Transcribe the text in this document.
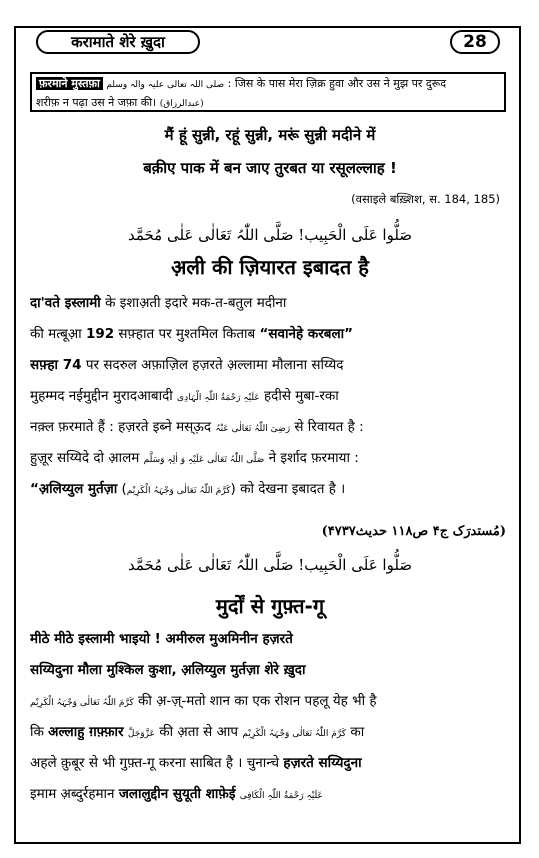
करामाते शेरे ख़ुदा	28
फ़रमाने मुस्तफ़ा صلی اللہ تعالی علیہ والہ وسلم : जिस के पास मेरा ज़िक्र हुवा और उस ने मुझ पर दुरूद
शरीफ़ न पढ़ा उस ने जफ़ा की। (عبدالرزاق)
मैं हूं सुन्नी, रहूं सुन्नी, मरूं सुन्नी मदीने में
बक़ीए पाक में बन जाए तुरबत या रसूलल्लाह !
(वसाइले बख़्शिश, स. 184, 185)
صَلُّوا عَلَی الْحَبِیب! صَلَّی اللّٰہُ تَعَالٰی عَلٰی مُحَمَّد
अ़ली की ज़ियारत इबादत है
दा'वते इस्लामी के इशाअ़ती इदारे मक-त-बतुल मदीना
की मत्बूआ़ 192 सफ़्हात पर मुश्तमिल किताब “सवानेहे करबला”
सफ़्हा 74 पर सदरुल अफ़ाज़िल हज़रते अ़ल्लामा मौलाना सय्यिद
मुहम्मद नईमुद्दीन मुरादआबादी عَلَیْہِ رَحْمَةُ اللّٰہِ الْہَادِی हदीसे मुबा-रका
नक़्ल फ़रमाते हैं : हज़रते इब्ने मस्ऊ़द رَضِیَ اللّٰہُ تَعَالٰی عَنْہُ से रिवायत है :
हुज़ूर सय्यिदे दो आ़लम صَلَّی اللّٰہُ تَعَالٰی عَلَیْہِ وَ اٰلِہٖ وَسَلَّم ने इर्शाद फ़रमाया :
“अ़लिय्युल मुर्तज़ा (کَرَّمَ اللّٰہُ تَعَالٰی وَجْہَہُ الْکَرِیْم) को देखना इबादत है ।
(مُستدرَک ج۴ ص۱۱۸ حدیث۴۷۳۷)
صَلُّوا عَلَی الْحَبِیب! صَلَّی اللّٰہُ تَعَالٰی عَلٰی مُحَمَّد
मुर्दों से गुफ़्त-गू
मीठे मीठे इस्लामी भाइयो ! अमीरुल मुअमिनीन हज़रते
सय्यिदुना मौला मुश्किल कुशा, अ़लिय्युल मुर्तज़ा शेरे ख़ुदा
کَرَّمَ اللّٰہُ تَعَالٰی وَجْہَہُ الْکَرِیْم की अ़-ज़्-मतो शान का एक रोशन पहलू येह भी है
कि अल्लाहु ग़फ़्फ़ार عَزَّوَجَلَّ की अ़ता से आप کَرَّمَ اللّٰہُ تَعَالٰی وَجْہَہُ الْکَرِیْم का
अहले क़ुबूर से भी गुफ़्त-गू करना साबित है । चुनान्चे हज़रते सय्यिदुना
इमाम अ़ब्दुर्रहमान जलालुद्दीन सुयूती शाफ़ेई عَلَیْہِ رَحْمَةُ اللّٰہِ الْکَافِی
